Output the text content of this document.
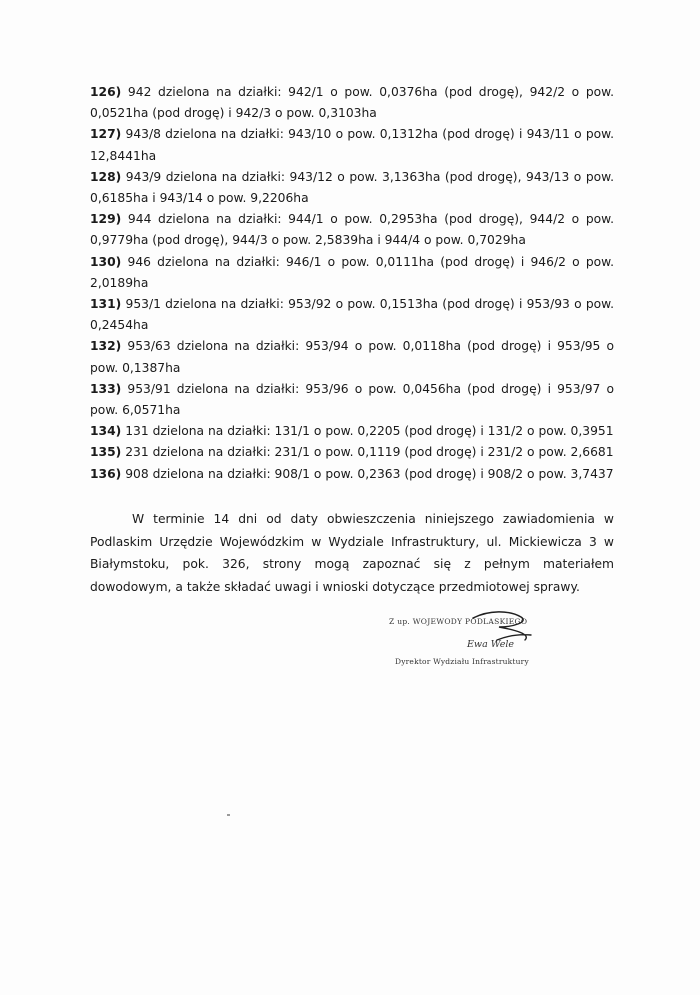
126) 942 dzielona na działki: 942/1 o pow. 0,0376ha (pod drogę), 942/2 o pow. 0,0521ha (pod drogę) i 942/3 o pow. 0,3103ha

127) 943/8 dzielona na działki: 943/10 o pow. 0,1312ha (pod drogę) i 943/11 o pow. 12,8441ha

128) 943/9 dzielona na działki: 943/12 o pow. 3,1363ha (pod drogę), 943/13 o pow. 0,6185ha i 943/14 o pow. 9,2206ha

129) 944 dzielona na działki: 944/1 o pow. 0,2953ha (pod drogę), 944/2 o pow. 0,9779ha (pod drogę), 944/3 o pow. 2,5839ha i 944/4 o pow. 0,7029ha

130) 946 dzielona na działki: 946/1 o pow. 0,0111ha (pod drogę) i 946/2 o pow. 2,0189ha

131) 953/1 dzielona na działki: 953/92 o pow. 0,1513ha (pod drogę) i 953/93 o pow. 0,2454ha

132) 953/63 dzielona na działki: 953/94 o pow. 0,0118ha (pod drogę) i 953/95 o pow. 0,1387ha

133) 953/91 dzielona na działki: 953/96 o pow. 0,0456ha (pod drogę) i 953/97 o pow. 6,0571ha

134) 131 dzielona na działki: 131/1 o pow. 0,2205 (pod drogę) i 131/2 o pow. 0,3951

135) 231 dzielona na działki: 231/1 o pow. 0,1119 (pod drogę) i 231/2 o pow. 2,6681

136) 908 dzielona na działki: 908/1 o pow. 0,2363 (pod drogę) i 908/2 o pow. 3,7437

W terminie 14 dni od daty obwieszczenia niniejszego zawiadomienia w Podlaskim Urzędzie Wojewódzkim w Wydziale Infrastruktury, ul. Mickiewicza 3 w Białymstoku, pok. 326, strony mogą zapoznać się z pełnym materiałem dowodowym, a także składać uwagi i wnioski dotyczące przedmiotowej sprawy.

Z up. WOJEWODY PODLASKIEGO
Ewa Wele
Dyrektor Wydziału Infrastruktury
